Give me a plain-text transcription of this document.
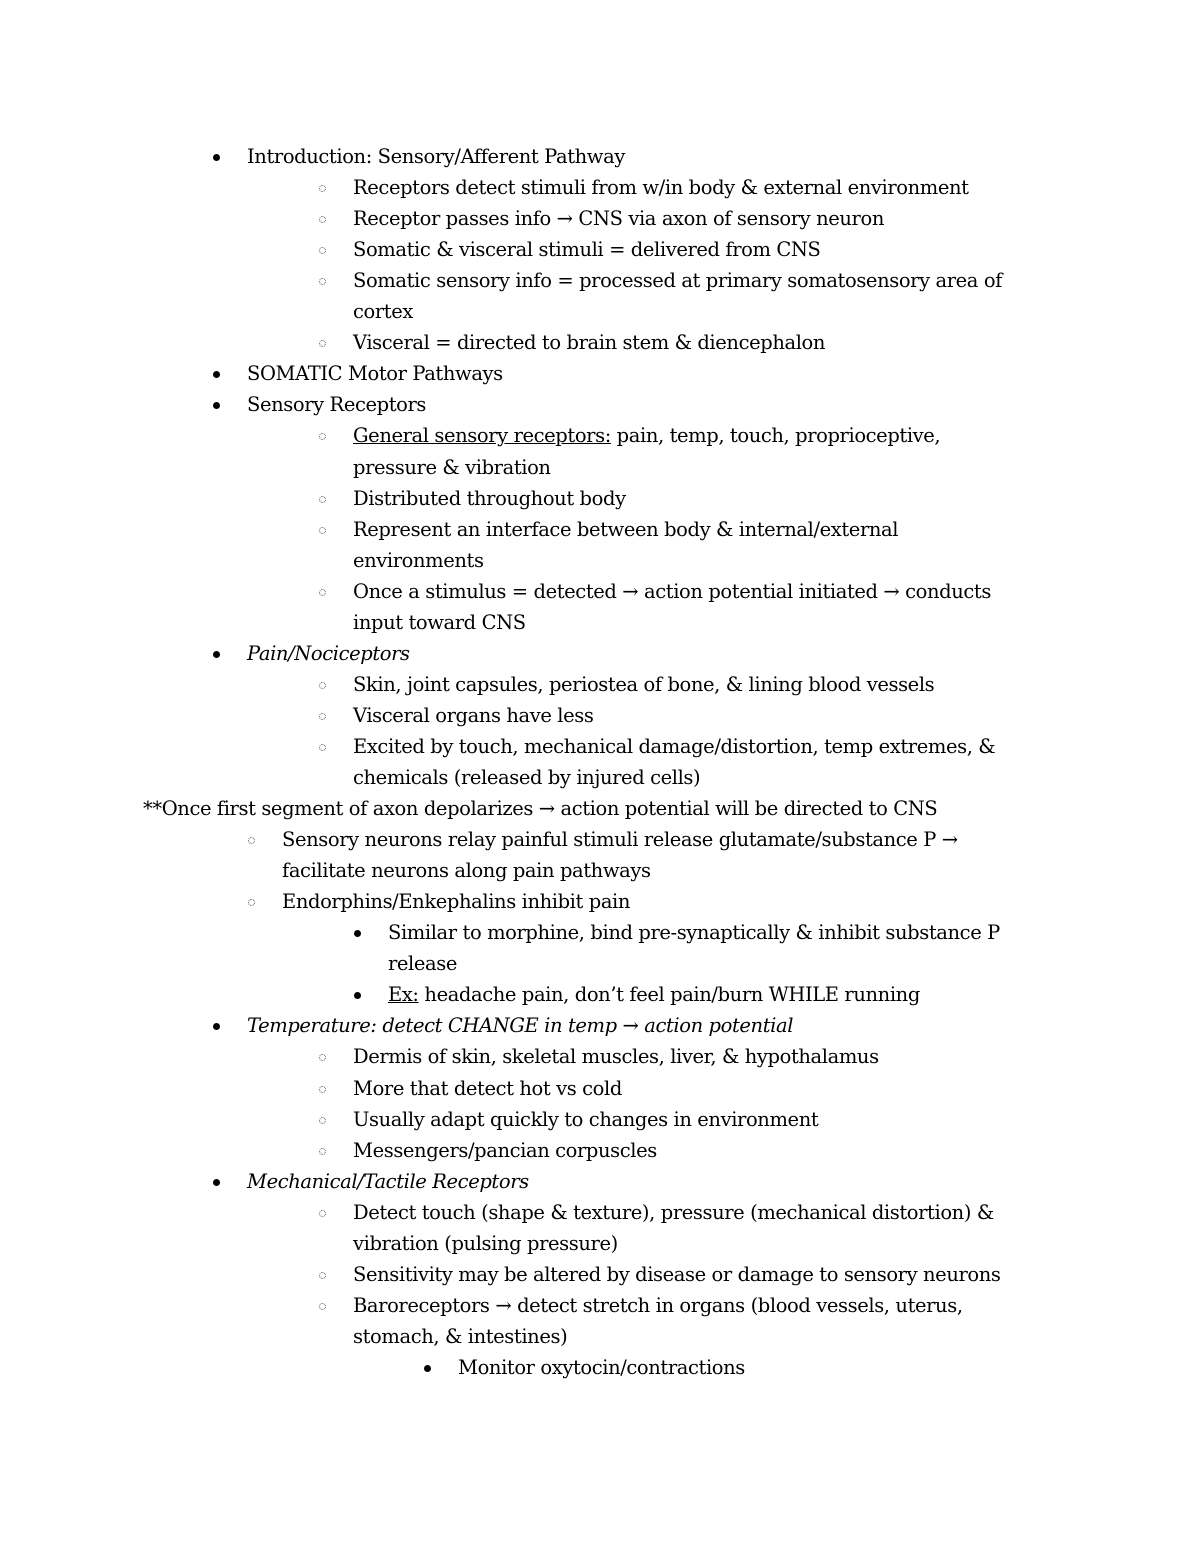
Introduction: Sensory/Afferent Pathway
Receptors detect stimuli from w/in body & external environment
Receptor passes info → CNS via axon of sensory neuron
Somatic & visceral stimuli = delivered from CNS
Somatic sensory info = processed at primary somatosensory area of
cortex
Visceral = directed to brain stem & diencephalon
SOMATIC Motor Pathways
Sensory Receptors
General sensory receptors: pain, temp, touch, proprioceptive,
pressure & vibration
Distributed throughout body
Represent an interface between body & internal/external
environments
Once a stimulus = detected → action potential initiated → conducts
input toward CNS
Pain/Nociceptors
Skin, joint capsules, periostea of bone, & lining blood vessels
Visceral organs have less
Excited by touch, mechanical damage/distortion, temp extremes, &
chemicals (released by injured cells)
**Once first segment of axon depolarizes → action potential will be directed to CNS
Sensory neurons relay painful stimuli release glutamate/substance P →
facilitate neurons along pain pathways
Endorphins/Enkephalins inhibit pain
Similar to morphine, bind pre-synaptically & inhibit substance P
release
Ex: headache pain, don’t feel pain/burn WHILE running
Temperature: detect CHANGE in temp → action potential
Dermis of skin, skeletal muscles, liver, & hypothalamus
More that detect hot vs cold
Usually adapt quickly to changes in environment
Messengers/pancian corpuscles
Mechanical/Tactile Receptors
Detect touch (shape & texture), pressure (mechanical distortion) &
vibration (pulsing pressure)
Sensitivity may be altered by disease or damage to sensory neurons
Baroreceptors → detect stretch in organs (blood vessels, uterus,
stomach, & intestines)
Monitor oxytocin/contractions
